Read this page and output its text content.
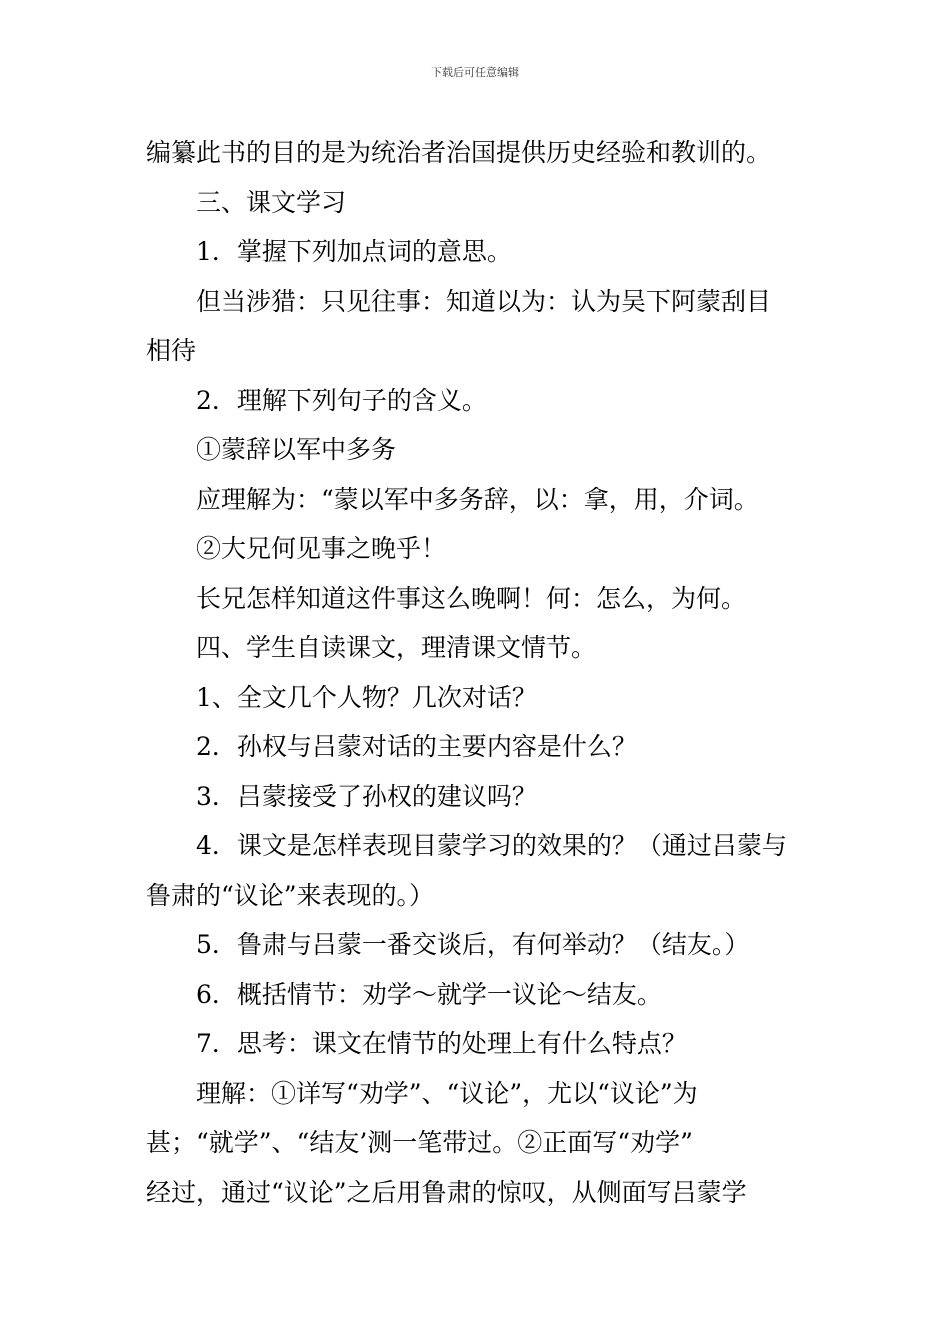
下载后可任意编辑

编纂此书的目的是为统治者治国提供历史经验和教训的。

三、课文学习

1．掌握下列加点词的意思。

但当涉猎：只见往事：知道以为：认为吴下阿蒙刮目

相待

2．理解下列句子的含义。

①蒙辞以军中多务

应理解为：“蒙以军中多务辞，以：拿，用，介词。

②大兄何见事之晚乎！

长兄怎样知道这件事这么晚啊！何：怎么，为何。

四、学生自读课文，理清课文情节。

1、全文几个人物？几次对话？

2．孙权与吕蒙对话的主要内容是什么？

3．吕蒙接受了孙权的建议吗？

4．课文是怎样表现目蒙学习的效果的？（通过吕蒙与

鲁肃的“议论”来表现的。）

5．鲁肃与吕蒙一番交谈后，有何举动？（结友。）

6．概括情节：劝学～就学一议论～结友。

7．思考：课文在情节的处理上有什么特点？

理解：①详写“劝学”、“议论”，尤以“议论”为

甚；“就学”、“结友’测一笔带过。②正面写“劝学”

经过，通过“议论”之后用鲁肃的惊叹，从侧面写吕蒙学
